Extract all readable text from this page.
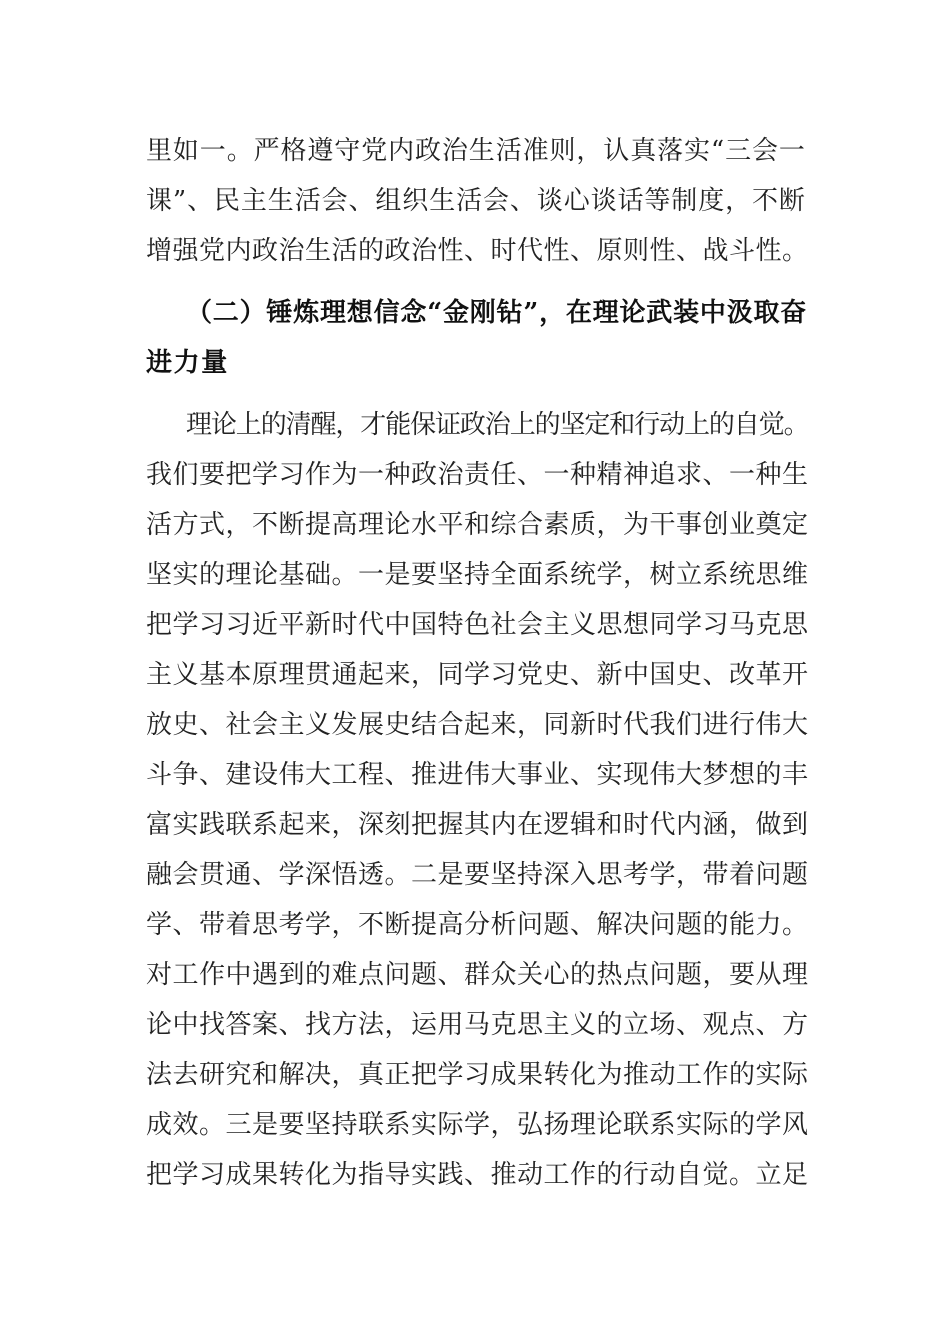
里如一。严格遵守党内政治生活准则，认真落实“三会一
课”、民主生活会、组织生活会、谈心谈话等制度，不断
增强党内政治生活的政治性、时代性、原则性、战斗性。
（二）锤炼理想信念“金刚钻”，在理论武装中汲取奋
进力量
理论上的清醒，才能保证政治上的坚定和行动上的自觉。
我们要把学习作为一种政治责任、一种精神追求、一种生
活方式，不断提高理论水平和综合素质，为干事创业奠定
坚实的理论基础。一是要坚持全面系统学，树立系统思维
把学习习近平新时代中国特色社会主义思想同学习马克思
主义基本原理贯通起来，同学习党史、新中国史、改革开
放史、社会主义发展史结合起来，同新时代我们进行伟大
斗争、建设伟大工程、推进伟大事业、实现伟大梦想的丰
富实践联系起来，深刻把握其内在逻辑和时代内涵，做到
融会贯通、学深悟透。二是要坚持深入思考学，带着问题
学、带着思考学，不断提高分析问题、解决问题的能力。
对工作中遇到的难点问题、群众关心的热点问题，要从理
论中找答案、找方法，运用马克思主义的立场、观点、方
法去研究和解决，真正把学习成果转化为推动工作的实际
成效。三是要坚持联系实际学，弘扬理论联系实际的学风
把学习成果转化为指导实践、推动工作的行动自觉。立足
